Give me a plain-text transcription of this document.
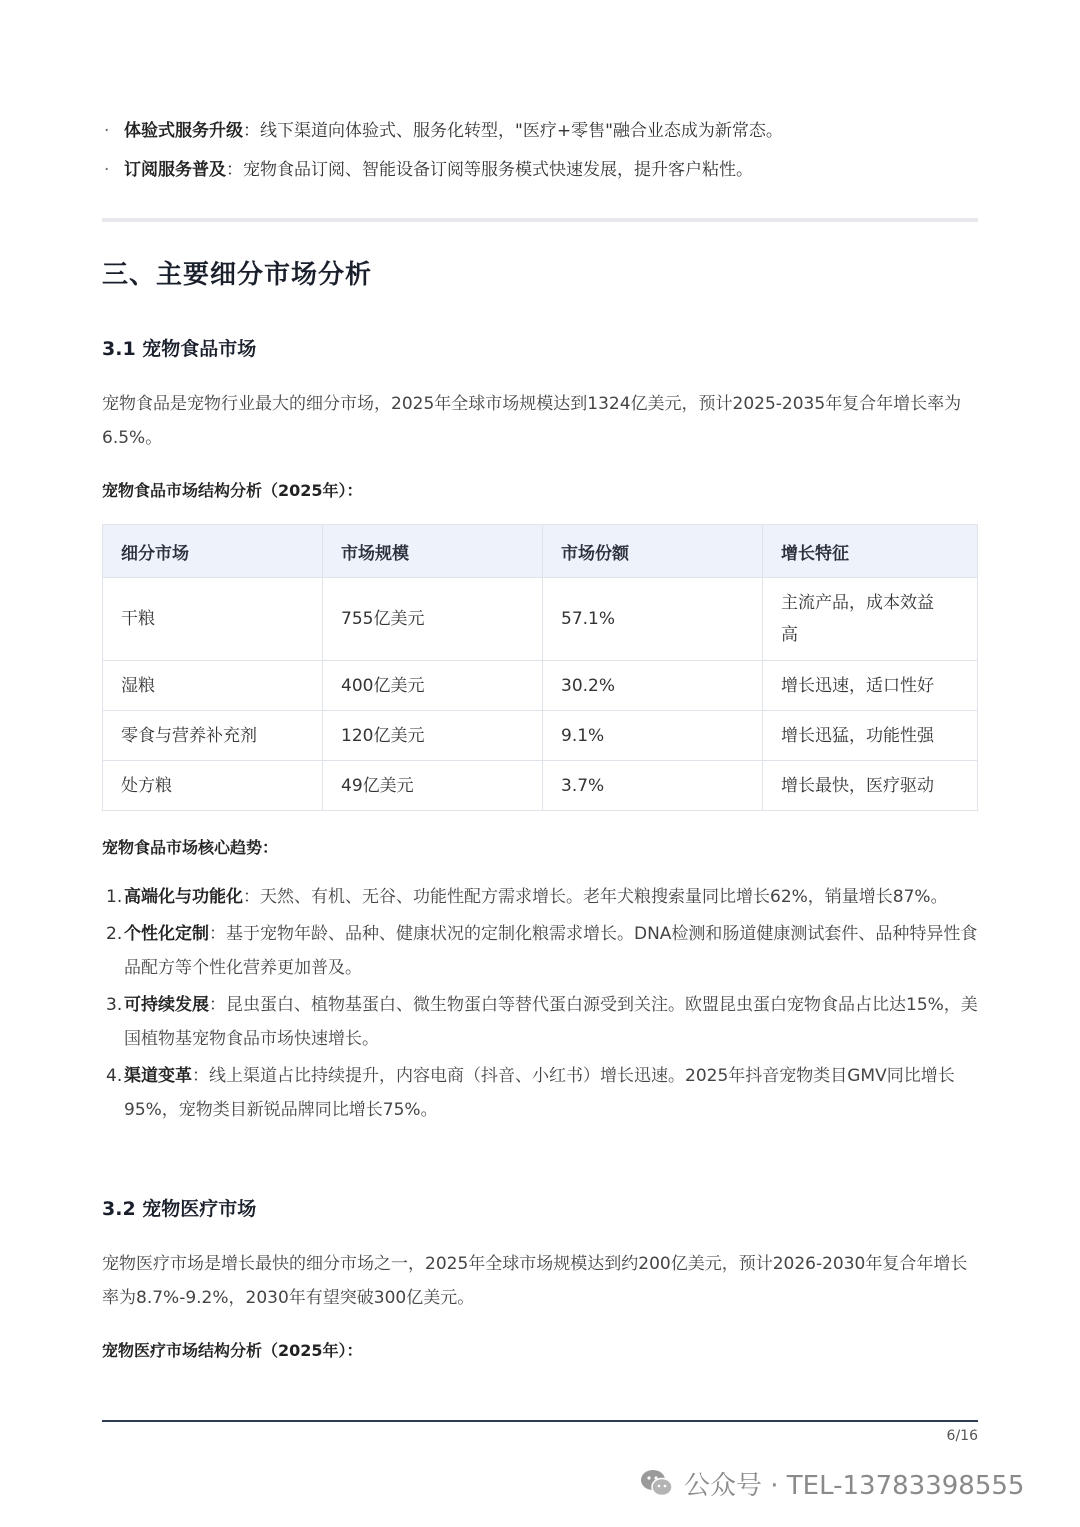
· 体验式服务升级：线下渠道向体验式、服务化转型，"医疗+零售"融合业态成为新常态。
· 订阅服务普及：宠物食品订阅、智能设备订阅等服务模式快速发展，提升客户粘性。
三、主要细分市场分析
3.1 宠物食品市场
宠物食品是宠物行业最大的细分市场，2025年全球市场规模达到1324亿美元，预计2025-2035年复合年增长率为6.5%。
宠物食品市场结构分析（2025年）：
细分市场	市场规模	市场份额	增长特征
干粮	755亿美元	57.1%	主流产品，成本效益高
湿粮	400亿美元	30.2%	增长迅速，适口性好
零食与营养补充剂	120亿美元	9.1%	增长迅猛，功能性强
处方粮	49亿美元	3.7%	增长最快，医疗驱动
宠物食品市场核心趋势：
1. 高端化与功能化：天然、有机、无谷、功能性配方需求增长。老年犬粮搜索量同比增长62%，销量增长87%。
2. 个性化定制：基于宠物年龄、品种、健康状况的定制化粮需求增长。DNA检测和肠道健康测试套件、品种特异性食品配方等个性化营养更加普及。
3. 可持续发展：昆虫蛋白、植物基蛋白、微生物蛋白等替代蛋白源受到关注。欧盟昆虫蛋白宠物食品占比达15%，美国植物基宠物食品市场快速增长。
4. 渠道变革：线上渠道占比持续提升，内容电商（抖音、小红书）增长迅速。2025年抖音宠物类目GMV同比增长95%，宠物类目新锐品牌同比增长75%。
3.2 宠物医疗市场
宠物医疗市场是增长最快的细分市场之一，2025年全球市场规模达到约200亿美元，预计2026-2030年复合年增长率为8.7%-9.2%，2030年有望突破300亿美元。
宠物医疗市场结构分析（2025年）：
6/16
公众号 · TEL-13783398555
